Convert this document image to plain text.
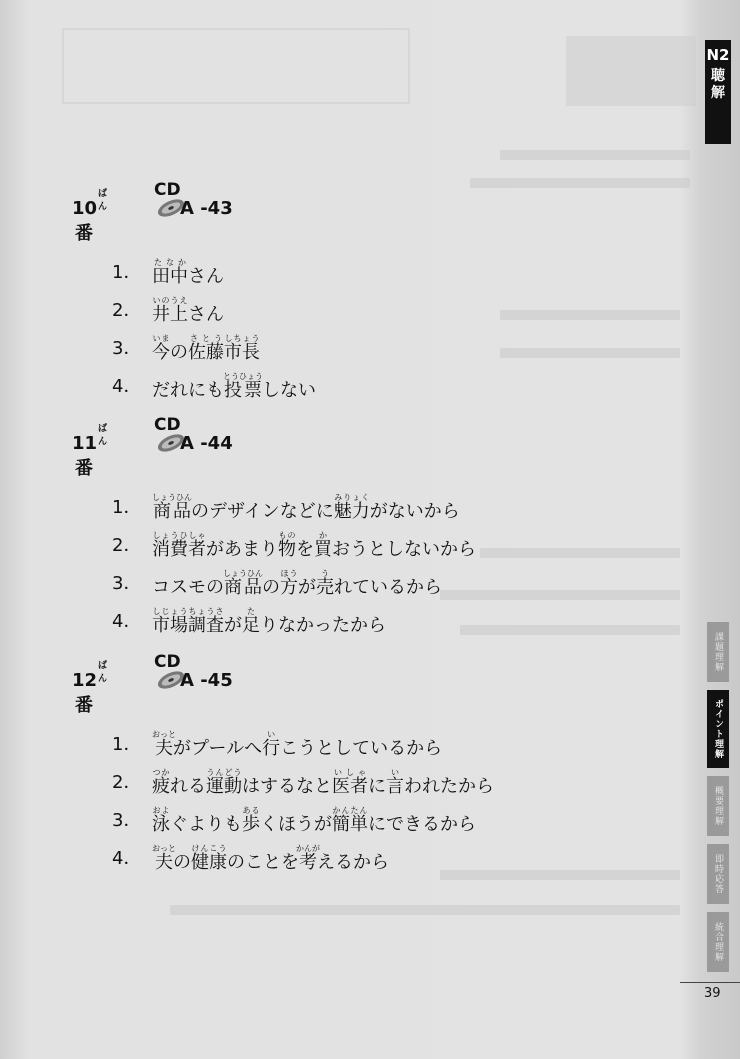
10番
ばん
CD
A -43
1． 田中たなかさん
2． 井上いのうえさん
3． 今いまの佐藤さとう市長しちょう
4． だれにも投票とうひょうしない
11番
ばん
CD
A -44
1． 商品しょうひんのデザインなどに魅力みりょくがないから
2． 消費者しょうひしゃがあまり物ものを買かおうとしないから
3． コスモの商品しょうひんの方ほうが売うれているから
4． 市場調査しじょうちょうさが足たりなかったから
12番
ばん
CD
A -45
1． 夫おっとがプールへ行いこうとしているから
2． 疲つかれる運動うんどうはするなと医者いしゃに言いわれたから
3． 泳およぐよりも歩あるくほうが簡単かんたんにできるから
4． 夫おっとの健康けんこうのことを考かんがえるから
N2
聴解
課題理解
ポイント理解
概要理解
即時応答
統合理解
39
